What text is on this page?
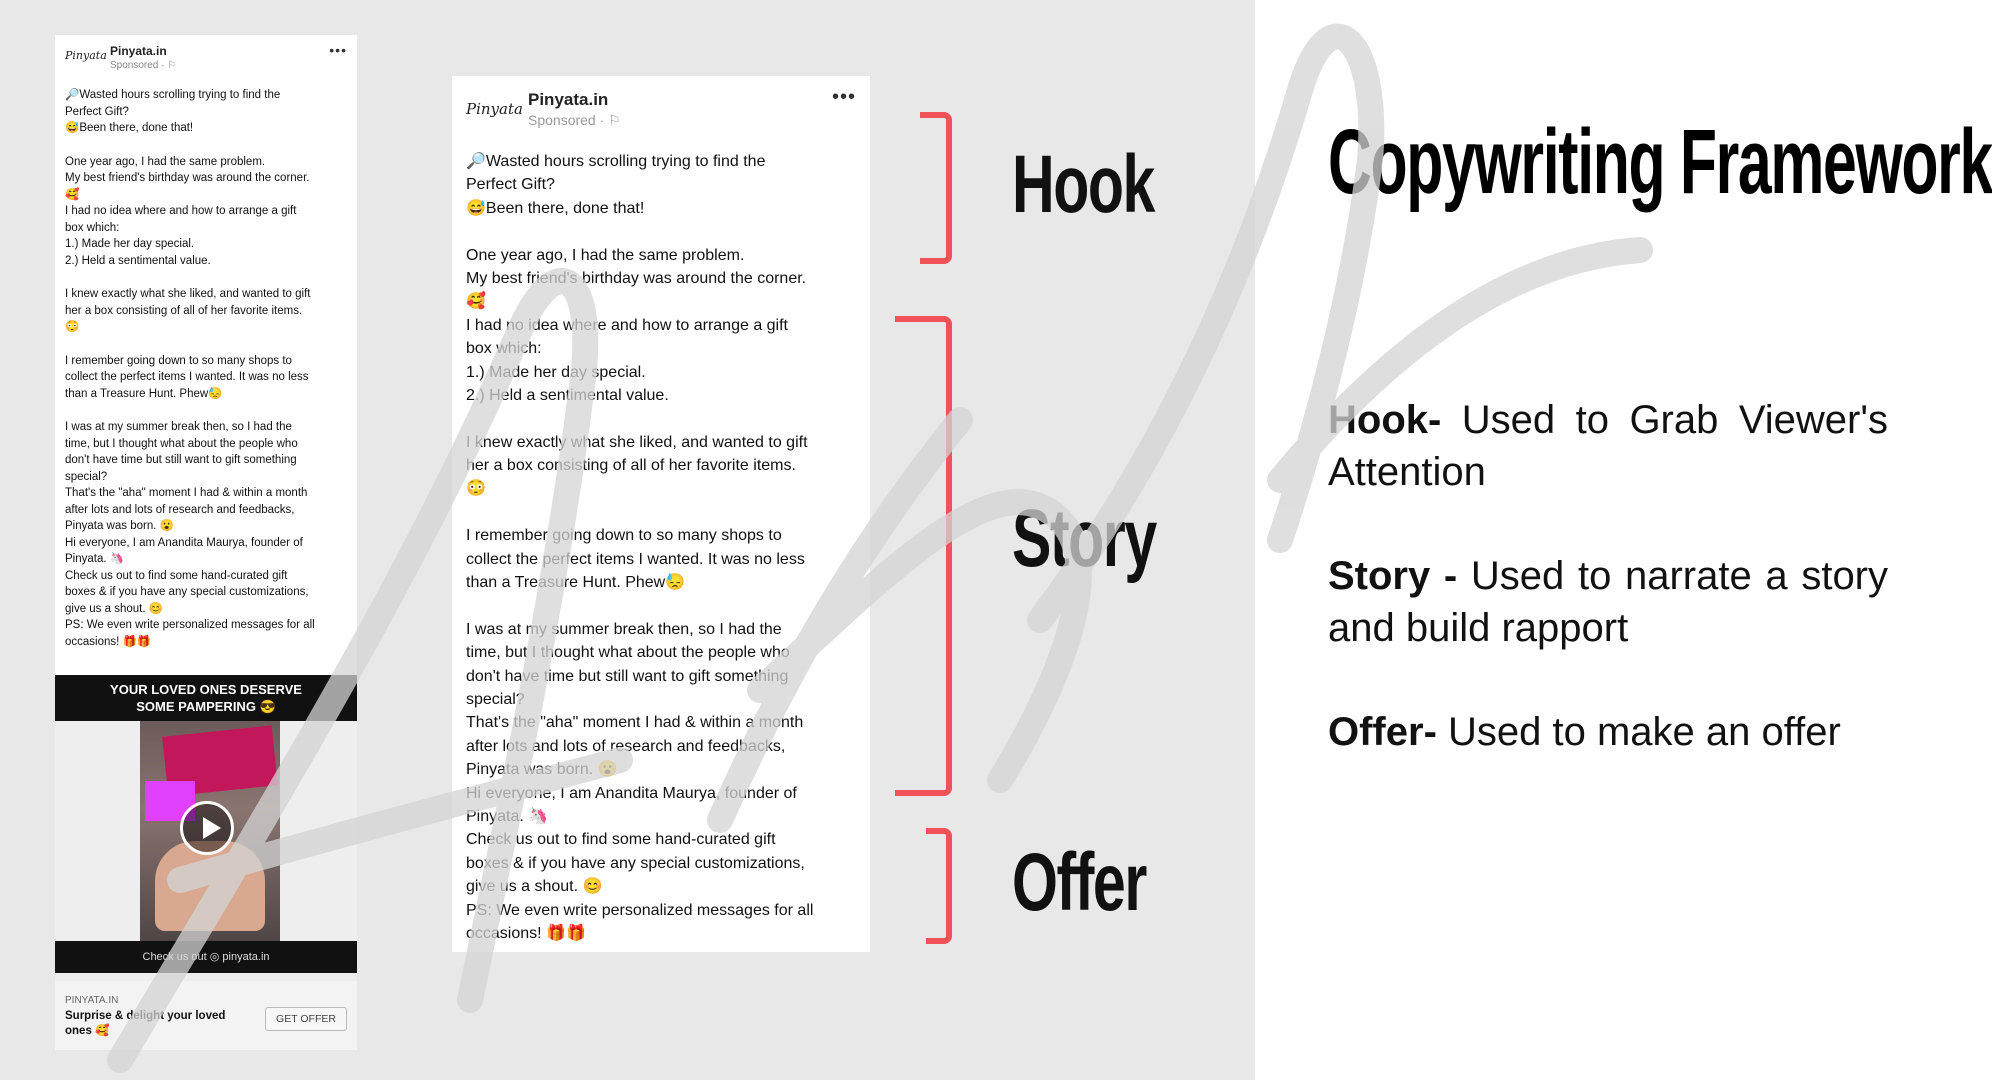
Pinyata Pinyata.in
Sponsored · ⚐
•••
🔎Wasted hours scrolling trying to find the
Perfect Gift?
😅Been there, done that!
One year ago, I had the same problem.
My best friend's birthday was around the corner.
🥰
I had no idea where and how to arrange a gift
box which:
1.) Made her day special.
2.) Held a sentimental value.
I knew exactly what she liked, and wanted to gift
her a box consisting of all of her favorite items.
😳
I remember going down to so many shops to
collect the perfect items I wanted. It was no less
than a Treasure Hunt. Phew😓
I was at my summer break then, so I had the
time, but I thought what about the people who
don't have time but still want to gift something
special?
That's the "aha" moment I had & within a month
after lots and lots of research and feedbacks,
Pinyata was born. 😮
Hi everyone, I am Anandita Maurya, founder of
Pinyata. 🦄
Check us out to find some hand-curated gift
boxes & if you have any special customizations,
give us a shout. 😊
PS: We even write personalized messages for all
occasions! 🎁🎁
YOUR LOVED ONES DESERVE
SOME PAMPERING 😎
Check us out ◎ pinyata.in
PINYATA.IN
Surprise & delight your loved ones 🥰
GET OFFER
Pinyata Pinyata.in
Sponsored · ⚐
•••
🔎Wasted hours scrolling trying to find the
Perfect Gift?
😅Been there, done that!
One year ago, I had the same problem.
My best friend's birthday was around the corner.
🥰
I had no idea where and how to arrange a gift
box which:
1.) Made her day special.
2.) Held a sentimental value.
I knew exactly what she liked, and wanted to gift
her a box consisting of all of her favorite items.
😳
I remember going down to so many shops to
collect the perfect items I wanted. It was no less
than a Treasure Hunt. Phew😓
I was at my summer break then, so I had the
time, but I thought what about the people who
don't have time but still want to gift something
special?
That's the "aha" moment I had & within a month
after lots and lots of research and feedbacks,
Pinyata was born. 😮
Hi everyone, I am Anandita Maurya, founder of
Pinyata. 🦄
Check us out to find some hand-curated gift
boxes & if you have any special customizations,
give us a shout. 😊
PS: We even write personalized messages for all
occasions! 🎁🎁
Hook
Story
Offer
Copywriting Framework
Hook- Used to Grab Viewer's Attention
Story - Used to narrate a story and build rapport
Offer- Used to make an offer
